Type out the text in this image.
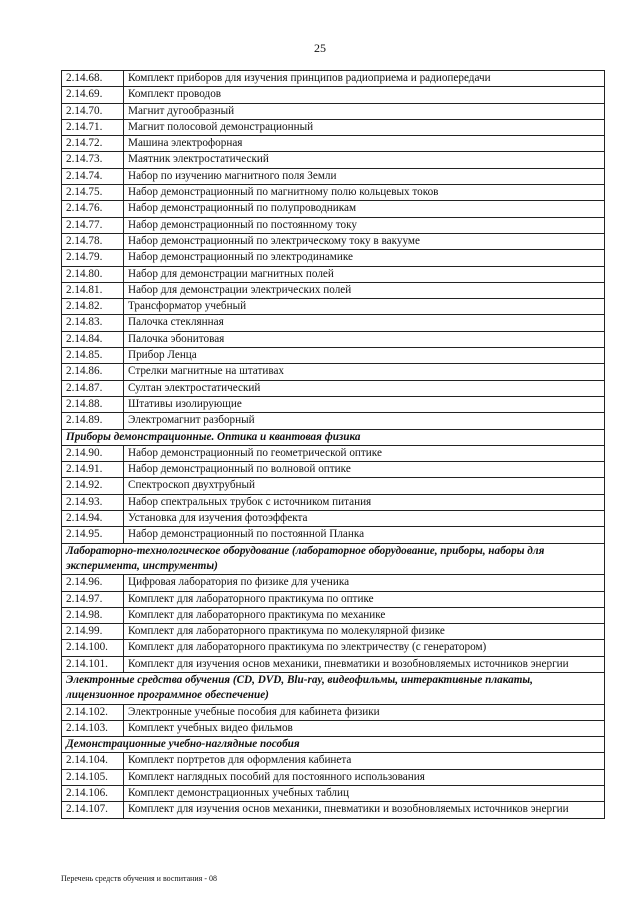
25
2.14.68.	Комплект приборов для изучения принципов радиоприема и радиопередачи
2.14.69.	Комплект проводов
2.14.70.	Магнит дугообразный
2.14.71.	Магнит полосовой демонстрационный
2.14.72.	Машина электрофорная
2.14.73.	Маятник электростатический
2.14.74.	Набор по изучению магнитного поля Земли
2.14.75.	Набор демонстрационный по магнитному полю кольцевых токов
2.14.76.	Набор демонстрационный по полупроводникам
2.14.77.	Набор демонстрационный по постоянному току
2.14.78.	Набор демонстрационный по электрическому току в вакууме
2.14.79.	Набор демонстрационный по электродинамике
2.14.80.	Набор для демонстрации магнитных полей
2.14.81.	Набор для демонстрации электрических полей
2.14.82.	Трансформатор учебный
2.14.83.	Палочка стеклянная
2.14.84.	Палочка эбонитовая
2.14.85.	Прибор Ленца
2.14.86.	Стрелки магнитные на штативах
2.14.87.	Султан электростатический
2.14.88.	Штативы изолирующие
2.14.89.	Электромагнит разборный
Приборы демонстрационные. Оптика и квантовая физика	
2.14.90.	Набор демонстрационный по геометрической оптике
2.14.91.	Набор демонстрационный по волновой оптике
2.14.92.	Спектроскоп двухтрубный
2.14.93.	Набор спектральных трубок с источником питания
2.14.94.	Установка для изучения фотоэффекта
2.14.95.	Набор демонстрационный по постоянной Планка
Лабораторно-технологическое оборудование (лабораторное оборудование, приборы, наборы для эксперимента, инструменты)	
2.14.96.	Цифровая лаборатория по физике для ученика
2.14.97.	Комплект для лабораторного практикума по оптике
2.14.98.	Комплект для лабораторного практикума по механике
2.14.99.	Комплект для лабораторного практикума по молекулярной физике
2.14.100.	Комплект для лабораторного практикума по электричеству (с генератором)
2.14.101.	Комплект для изучения основ механики, пневматики и возобновляемых источников энергии
Электронные средства обучения (CD, DVD, Blu-ray, видеофильмы, интерактивные плакаты, лицензионное программное обеспечение)	
2.14.102.	Электронные учебные пособия для кабинета физики
2.14.103.	Комплект учебных видео фильмов
Демонстрационные учебно-наглядные пособия	
2.14.104.	Комплект портретов для оформления кабинета
2.14.105.	Комплект наглядных пособий для постоянного использования
2.14.106.	Комплект демонстрационных учебных таблиц
2.14.107.	Комплект для изучения основ механики, пневматики и возобновляемых источников энергии
Перечень средств обучения и воспитания - 08
